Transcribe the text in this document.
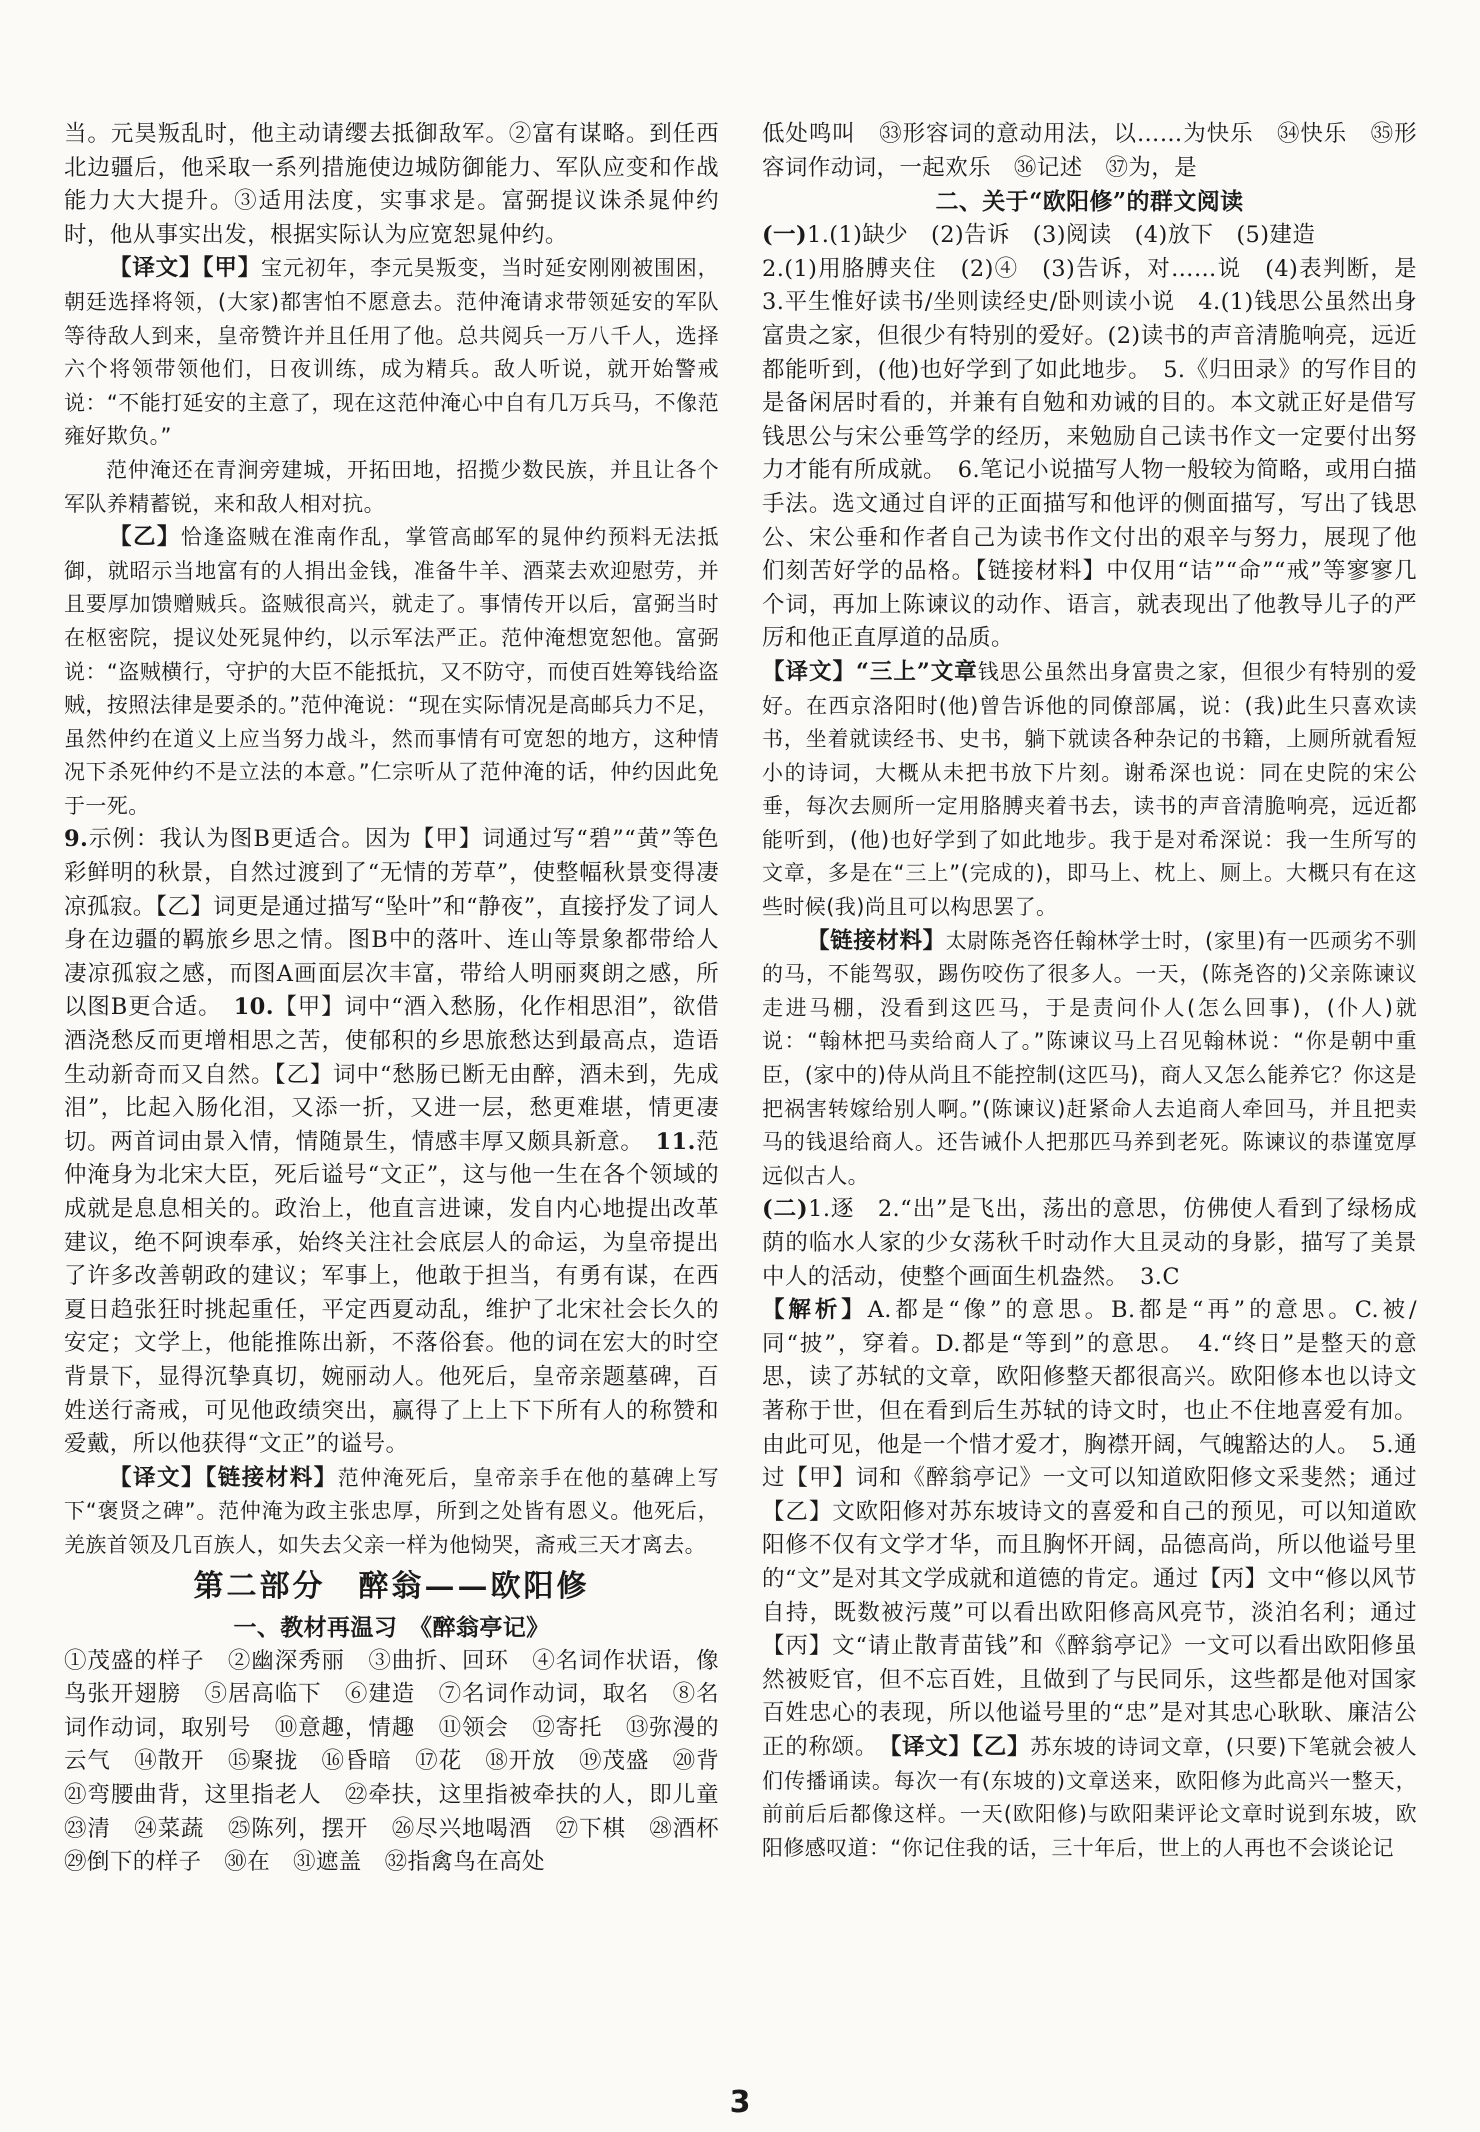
当。元昊叛乱时，他主动请缨去抵御敌军。②富有谋略。到任西北边疆后，他采取一系列措施使边城防御能力、军队应变和作战能力大大提升。③适用法度，实事求是。富弼提议诛杀晁仲约时，他从事实出发，根据实际认为应宽恕晁仲约。

【译文】【甲】宝元初年，李元昊叛变，当时延安刚刚被围困，朝廷选择将领，(大家)都害怕不愿意去。范仲淹请求带领延安的军队等待敌人到来，皇帝赞许并且任用了他。总共阅兵一万八千人，选择六个将领带领他们，日夜训练，成为精兵。敌人听说，就开始警戒说：“不能打延安的主意了，现在这范仲淹心中自有几万兵马，不像范雍好欺负。”

范仲淹还在青涧旁建城，开拓田地，招揽少数民族，并且让各个军队养精蓄锐，来和敌人相对抗。

【乙】恰逢盗贼在淮南作乱，掌管高邮军的晁仲约预料无法抵御，就昭示当地富有的人捐出金钱，准备牛羊、酒菜去欢迎慰劳，并且要厚加馈赠贼兵。盗贼很高兴，就走了。事情传开以后，富弼当时在枢密院，提议处死晁仲约，以示军法严正。范仲淹想宽恕他。富弼说：“盗贼横行，守护的大臣不能抵抗，又不防守，而使百姓筹钱给盗贼，按照法律是要杀的。”范仲淹说：“现在实际情况是高邮兵力不足，虽然仲约在道义上应当努力战斗，然而事情有可宽恕的地方，这种情况下杀死仲约不是立法的本意。”仁宗听从了范仲淹的话，仲约因此免于一死。

9.示例：我认为图B更适合。因为【甲】词通过写“碧”“黄”等色彩鲜明的秋景，自然过渡到了“无情的芳草”，使整幅秋景变得凄凉孤寂。【乙】词更是通过描写“坠叶”和“静夜”，直接抒发了词人身在边疆的羁旅乡思之情。图B中的落叶、连山等景象都带给人凄凉孤寂之感，而图A画面层次丰富，带给人明丽爽朗之感，所以图B更合适。　 10.【甲】词中“酒入愁肠，化作相思泪”，欲借酒浇愁反而更增相思之苦，使郁积的乡思旅愁达到最高点，造语生动新奇而又自然。【乙】词中“愁肠已断无由醉，酒未到，先成泪”，比起入肠化泪，又添一折，又进一层，愁更难堪，情更凄切。两首词由景入情，情随景生，情感丰厚又颇具新意。　 11.范仲淹身为北宋大臣，死后谥号“文正”，这与他一生在各个领域的成就是息息相关的。政治上，他直言进谏，发自内心地提出改革建议，绝不阿谀奉承，始终关注社会底层人的命运，为皇帝提出了许多改善朝政的建议；军事上，他敢于担当，有勇有谋，在西夏日趋张狂时挑起重任，平定西夏动乱，维护了北宋社会长久的安定；文学上，他能推陈出新，不落俗套。他的词在宏大的时空背景下，显得沉挚真切，婉丽动人。他死后，皇帝亲题墓碑，百姓送行斋戒，可见他政绩突出，赢得了上上下下所有人的称赞和爱戴，所以他获得“文正”的谥号。

【译文】【链接材料】范仲淹死后，皇帝亲手在他的墓碑上写下“褒贤之碑”。范仲淹为政主张忠厚，所到之处皆有恩义。他死后，羌族首领及几百族人，如失去父亲一样为他恸哭，斋戒三天才离去。

第二部分　醉翁——欧阳修
一、教材再温习　《醉翁亭记》

①茂盛的样子　②幽深秀丽　③曲折、回环　④名词作状语，像鸟张开翅膀　⑤居高临下　⑥建造　⑦名词作动词，取名　⑧名词作动词，取别号　⑩意趣，情趣　⑪领会　⑫寄托　⑬弥漫的云气　⑭散开　⑮聚拢　⑯昏暗　⑰花　⑱开放　⑲茂盛　⑳背　㉑弯腰曲背，这里指老人　㉒牵扶，这里指被牵扶的人，即儿童　㉓清　㉔菜蔬　㉕陈列，摆开　㉖尽兴地喝酒　㉗下棋　㉘酒杯　㉙倒下的样子　㉚在　㉛遮盖　㉜指禽鸟在高处

低处鸣叫　㉝形容词的意动用法，以……为快乐　㉞快乐　㉟形容词作动词，一起欢乐　㊱记述　㊲为，是

二、关于“欧阳修”的群文阅读

(一)1.(1)缺少　(2)告诉　(3)阅读　(4)放下　(5)建造
2.(1)用胳膊夹住　(2)④　(3)告诉，对……说　(4)表判断，是　3.平生惟好读书/坐则读经史/卧则读小说　4.(1)钱思公虽然出身富贵之家，但很少有特别的爱好。(2)读书的声音清脆响亮，远近都能听到，(他)也好学到了如此地步。　5.《归田录》的写作目的是备闲居时看的，并兼有自勉和劝诫的目的。本文就正好是借写钱思公与宋公垂笃学的经历，来勉励自己读书作文一定要付出努力才能有所成就。　6.笔记小说描写人物一般较为简略，或用白描手法。选文通过自评的正面描写和他评的侧面描写，写出了钱思公、宋公垂和作者自己为读书作文付出的艰辛与努力，展现了他们刻苦好学的品格。【链接材料】中仅用“诘”“命”“戒”等寥寥几个词，再加上陈谏议的动作、语言，就表现出了他教导儿子的严厉和他正直厚道的品质。

【译文】“三上”文章钱思公虽然出身富贵之家，但很少有特别的爱好。在西京洛阳时(他)曾告诉他的同僚部属，说：(我)此生只喜欢读书，坐着就读经书、史书，躺下就读各种杂记的书籍，上厕所就看短小的诗词，大概从未把书放下片刻。谢希深也说：同在史院的宋公垂，每次去厕所一定用胳膊夹着书去，读书的声音清脆响亮，远近都能听到，(他)也好学到了如此地步。我于是对希深说：我一生所写的文章，多是在“三上”(完成的)，即马上、枕上、厕上。大概只有在这些时候(我)尚且可以构思罢了。

【链接材料】太尉陈尧咨任翰林学士时，(家里)有一匹顽劣不驯的马，不能驾驭，踢伤咬伤了很多人。一天，(陈尧咨的)父亲陈谏议走进马棚，没看到这匹马，于是责问仆人(怎么回事)，(仆人)就说：“翰林把马卖给商人了。”陈谏议马上召见翰林说：“你是朝中重臣，(家中的)侍从尚且不能控制(这匹马)，商人又怎么能养它？你这是把祸害转嫁给别人啊。”(陈谏议)赶紧命人去追商人牵回马，并且把卖马的钱退给商人。还告诫仆人把那匹马养到老死。陈谏议的恭谨宽厚远似古人。

(二)1.逐　2.“出”是飞出，荡出的意思，仿佛使人看到了绿杨成荫的临水人家的少女荡秋千时动作大且灵动的身影，描写了美景中人的活动，使整个画面生机盎然。　3.C
【解析】A.都是“像”的意思。B.都是“再”的意思。C.被/同“披”，穿着。D.都是“等到”的意思。　4.“终日”是整天的意思，读了苏轼的文章，欧阳修整天都很高兴。欧阳修本也以诗文著称于世，但在看到后生苏轼的诗文时，也止不住地喜爱有加。由此可见，他是一个惜才爱才，胸襟开阔，气魄豁达的人。　5.通过【甲】词和《醉翁亭记》一文可以知道欧阳修文采斐然；通过【乙】文欧阳修对苏东坡诗文的喜爱和自己的预见，可以知道欧阳修不仅有文学才华，而且胸怀开阔，品德高尚，所以他谥号里的“文”是对其文学成就和道德的肯定。通过【丙】文中“修以风节自持，既数被污蔑”可以看出欧阳修高风亮节，淡泊名利；通过【丙】文“请止散青苗钱”和《醉翁亭记》一文可以看出欧阳修虽然被贬官，但不忘百姓，且做到了与民同乐，这些都是他对国家百姓忠心的表现，所以他谥号里的“忠”是对其忠心耿耿、廉洁公正的称颂。　【译文】【乙】苏东坡的诗词文章，(只要)下笔就会被人们传播诵读。每次一有(东坡的)文章送来，欧阳修为此高兴一整天，前前后后都像这样。一天(欧阳修)与欧阳棐评论文章时说到东坡，欧阳修感叹道：“你记住我的话，三十年后，世上的人再也不会谈论记

3
